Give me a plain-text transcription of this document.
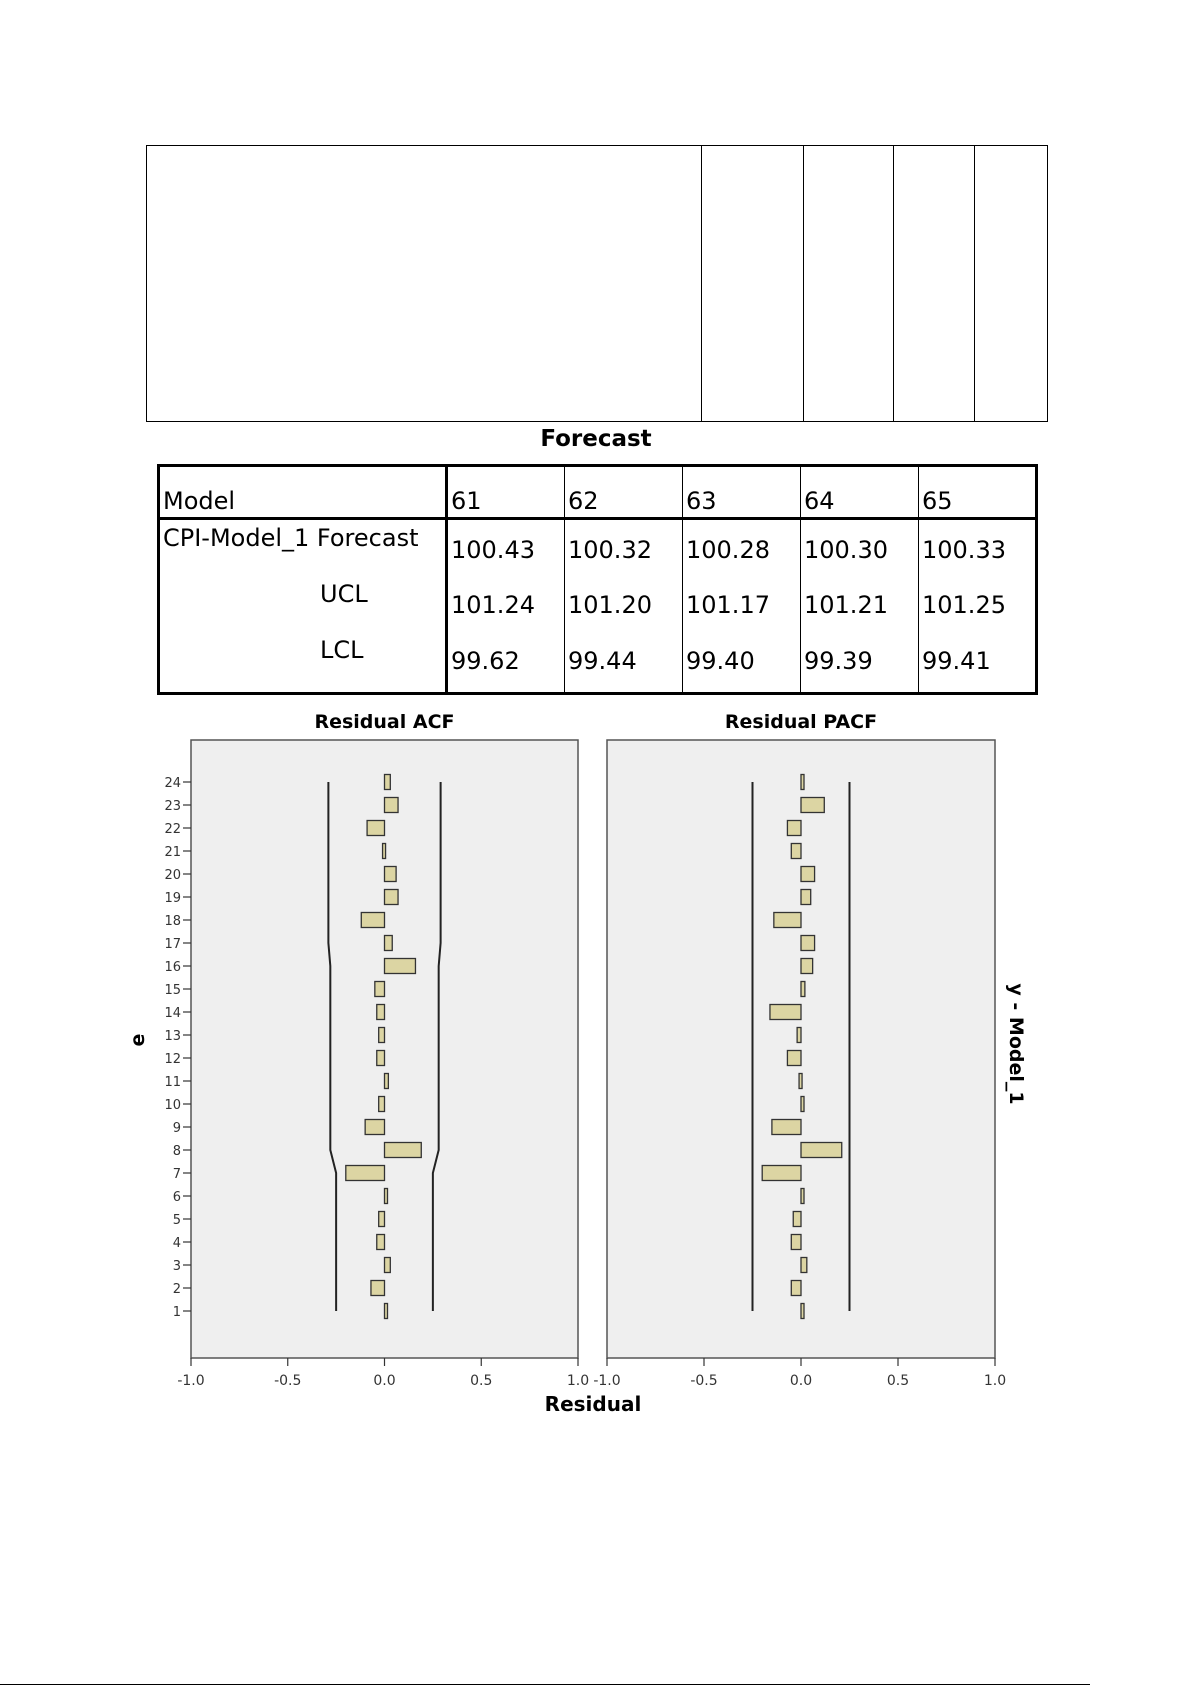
Forecast
Model	61	62	63	64	65
CPI-Model_1 Forecast	100.43	100.32	100.28	100.30	100.33
UCL	101.24	101.20	101.17	101.21	101.25
LCL	99.62	99.44	99.40	99.39	99.41
Residual ACF
-1.0	-0.5	0.0	0.5	1.0
1
2
3
4
5
6
7
8
9
10
11
12
13
14
15
16
17
18
19
20
21
22
23
24
Residual PACF
-1.0	-0.5	0.0	0.5	1.0
Residual
y - Model_1
e
